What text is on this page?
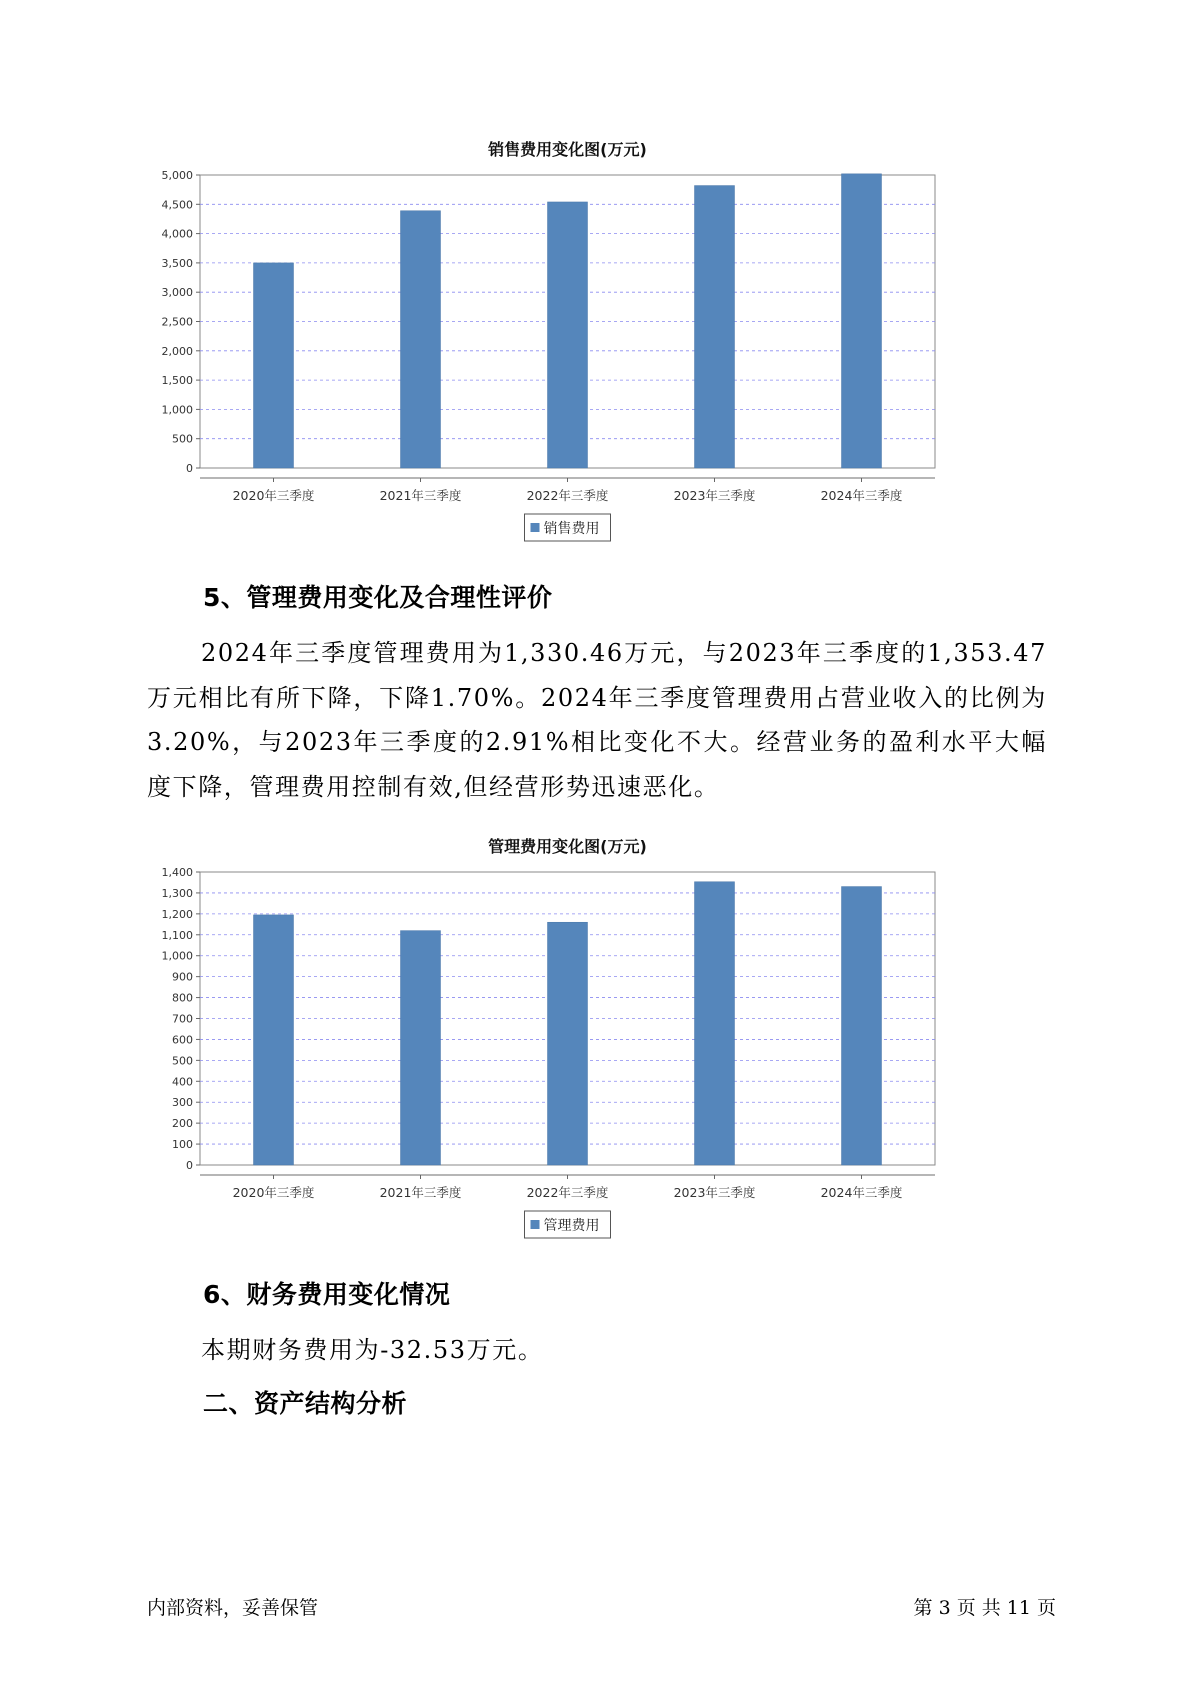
销售费用变化图(万元)
0
500
1,000
1,500
2,000
2,500
3,000
3,500
4,000
4,500
5,000
2020年三季度	2021年三季度	2022年三季度	2023年三季度	2024年三季度
销售费用
5、管理费用变化及合理性评价

2024年三季度管理费用为1,330.46万元，与2023年三季度的1,353.47万元相比有所下降，下降1.70%。2024年三季度管理费用占营业收入的比例为3.20%，与2023年三季度的2.91%相比变化不大。经营业务的盈利水平大幅度下降，管理费用控制有效,但经营形势迅速恶化。

管理费用变化图(万元)
0
100
200
300
400
500
600
700
800
900
1,000
1,100
1,200
1,300
1,400
2020年三季度	2021年三季度	2022年三季度	2023年三季度	2024年三季度
管理费用
6、财务费用变化情况

本期财务费用为-32.53万元。

二、资产结构分析
内部资料，妥善保管	第 3 页 共 11 页
